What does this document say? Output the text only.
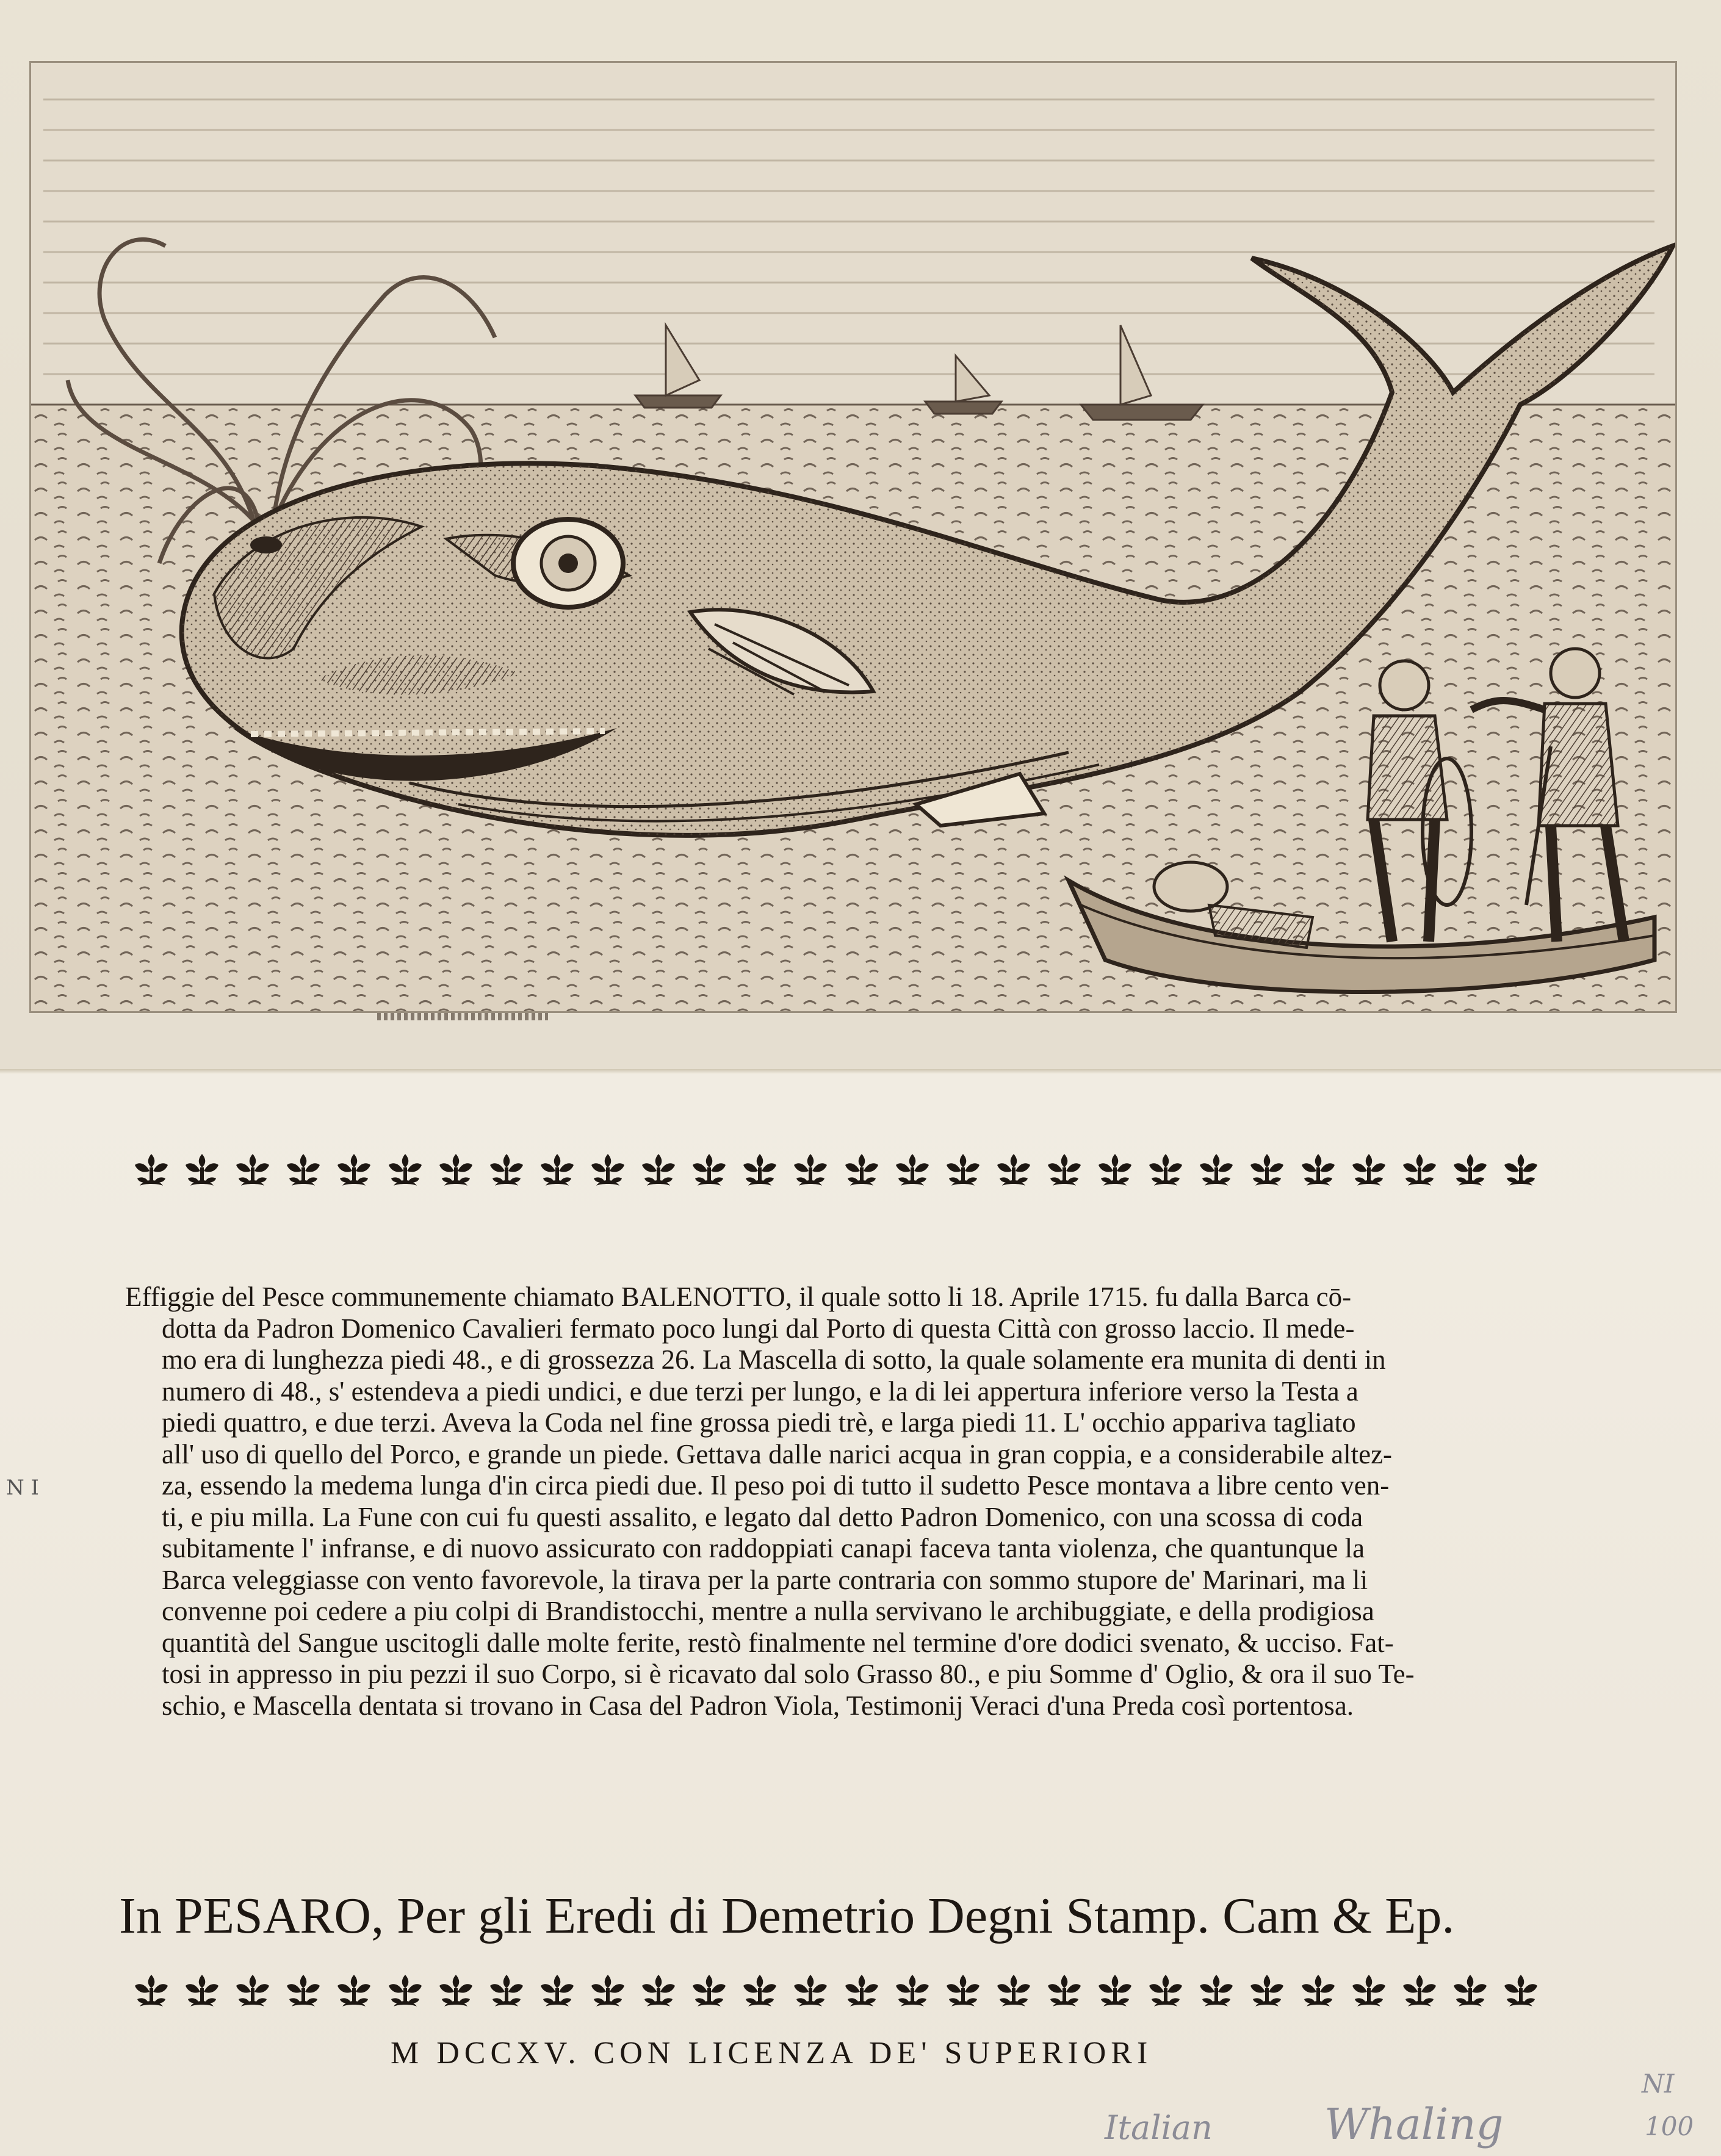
Effiggie del Pesce communemente chiamato BALENOTTO, il quale sotto li 18. Aprile 1715. fu dalla Barca cō-
dotta da Padron Domenico Cavalieri fermato poco lungi dal Porto di questa Città con grosso laccio. Il mede-
mo era di lunghezza piedi 48., e di grossezza 26. La Mascella di sotto, la quale solamente era munita di denti in
numero di 48., s' estendeva a piedi undici, e due terzi per lungo, e la di lei appertura inferiore verso la Testa a
piedi quattro, e due terzi. Aveva la Coda nel fine grossa piedi trè, e larga piedi 11. L' occhio appariva tagliato
all' uso di quello del Porco, e grande un piede. Gettava dalle narici acqua in gran coppia, e a considerabile altez-
za, essendo la medema lunga d'in circa piedi due. Il peso poi di tutto il sudetto Pesce montava a libre cento ven-
ti, e piu milla. La Fune con cui fu questi assalito, e legato dal detto Padron Domenico, con una scossa di coda
subitamente l' infranse, e di nuovo assicurato con raddoppiati canapi faceva tanta violenza, che quantunque la
Barca veleggiasse con vento favorevole, la tirava per la parte contraria con sommo stupore de' Marinari, ma li
convenne poi cedere a piu colpi di Brandistocchi, mentre a nulla servivano le archibuggiate, e della prodigiosa
quantità del Sangue uscitogli dalle molte ferite, restò finalmente nel termine d'ore dodici svenato, & ucciso. Fat-
tosi in appresso in piu pezzi il suo Corpo, si è ricavato dal solo Grasso 80., e piu Somme d' Oglio, & ora il suo Te-
schio, e Mascella dentata si trovano in Casa del Padron Viola, Testimonij Veraci d'una Preda così portentosa.
In PESARO, Per gli Eredi di Demetrio Degni Stamp. Cam & Ep.
M DCCXV. CON LICENZA DE' SUPERIORI
N I
Italian	Whaling
NI
100
